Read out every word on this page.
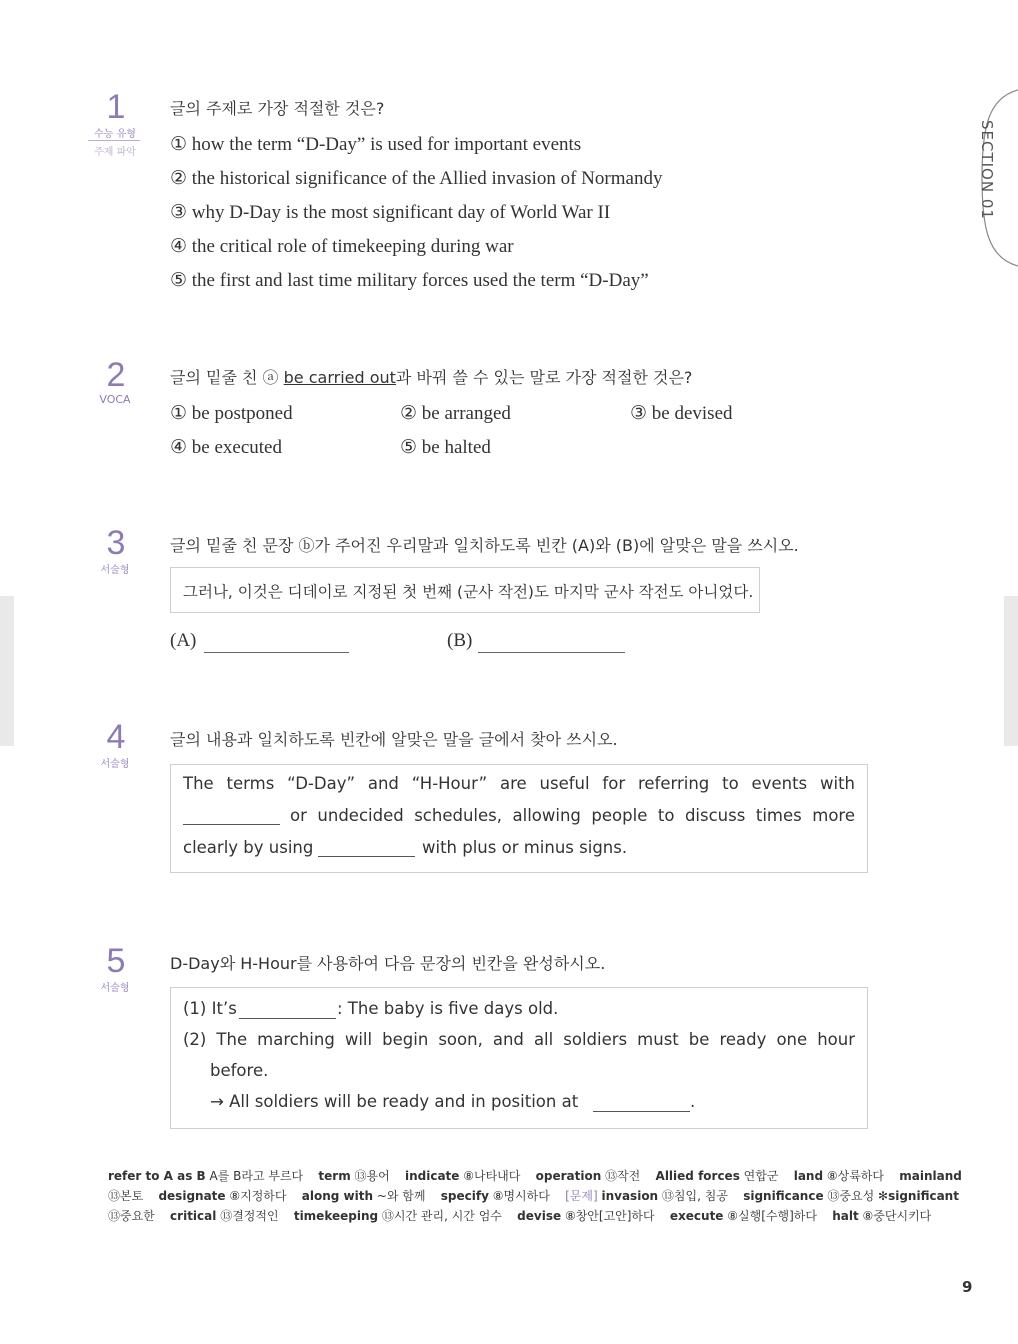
SECTION 01
1
수능 유형
주제 파악
글의 주제로 가장 적절한 것은?
① how the term “D-Day” is used for important events
② the historical significance of the Allied invasion of Normandy
③ why D-Day is the most significant day of World War II
④ the critical role of timekeeping during war
⑤ the first and last time military forces used the term “D-Day”
2
VOCA
글의 밑줄 친 ⓐ be carried out과 바꿔 쓸 수 있는 말로 가장 적절한 것은?
① be postponed	② be arranged	③ be devised
④ be executed	⑤ be halted
3
서술형
글의 밑줄 친 문장 ⓑ가 주어진 우리말과 일치하도록 빈칸 (A)와 (B)에 알맞은 말을 쓰시오.
그러나, 이것은 디데이로 지정된 첫 번째 (군사 작전)도 마지막 군사 작전도 아니었다.
(A)	(B)
4
서술형
글의 내용과 일치하도록 빈칸에 알맞은 말을 글에서 찾아 쓰시오.
The terms “D-Day” and “H-Hour” are useful for referring to events with
or undecided schedules, allowing people to discuss times more
clearly by using	with plus or minus signs.
5
서술형
D-Day와 H-Hour를 사용하여 다음 문장의 빈칸을 완성하시오.
(1) It’s	: The baby is five days old.
(2) The marching will begin soon, and all soldiers must be ready one hour
before.
→ All soldiers will be ready and in position at	.
refer to A as B A를 B라고 부르다 term ⑬용어 indicate ⑧나타내다 operation ⑬작전 Allied forces 연합군 land ⑧상륙하다 mainland
⑬본토 designate ⑧지정하다 along with ~와 함께 specify ⑧명시하다 [문제] invasion ⑬침입, 침공 significance ⑬중요성 ✻significant
⑬중요한 critical ⑬결정적인 timekeeping ⑬시간 관리, 시간 엄수 devise ⑧창안[고안]하다 execute ⑧실행[수행]하다 halt ⑧중단시키다
9
